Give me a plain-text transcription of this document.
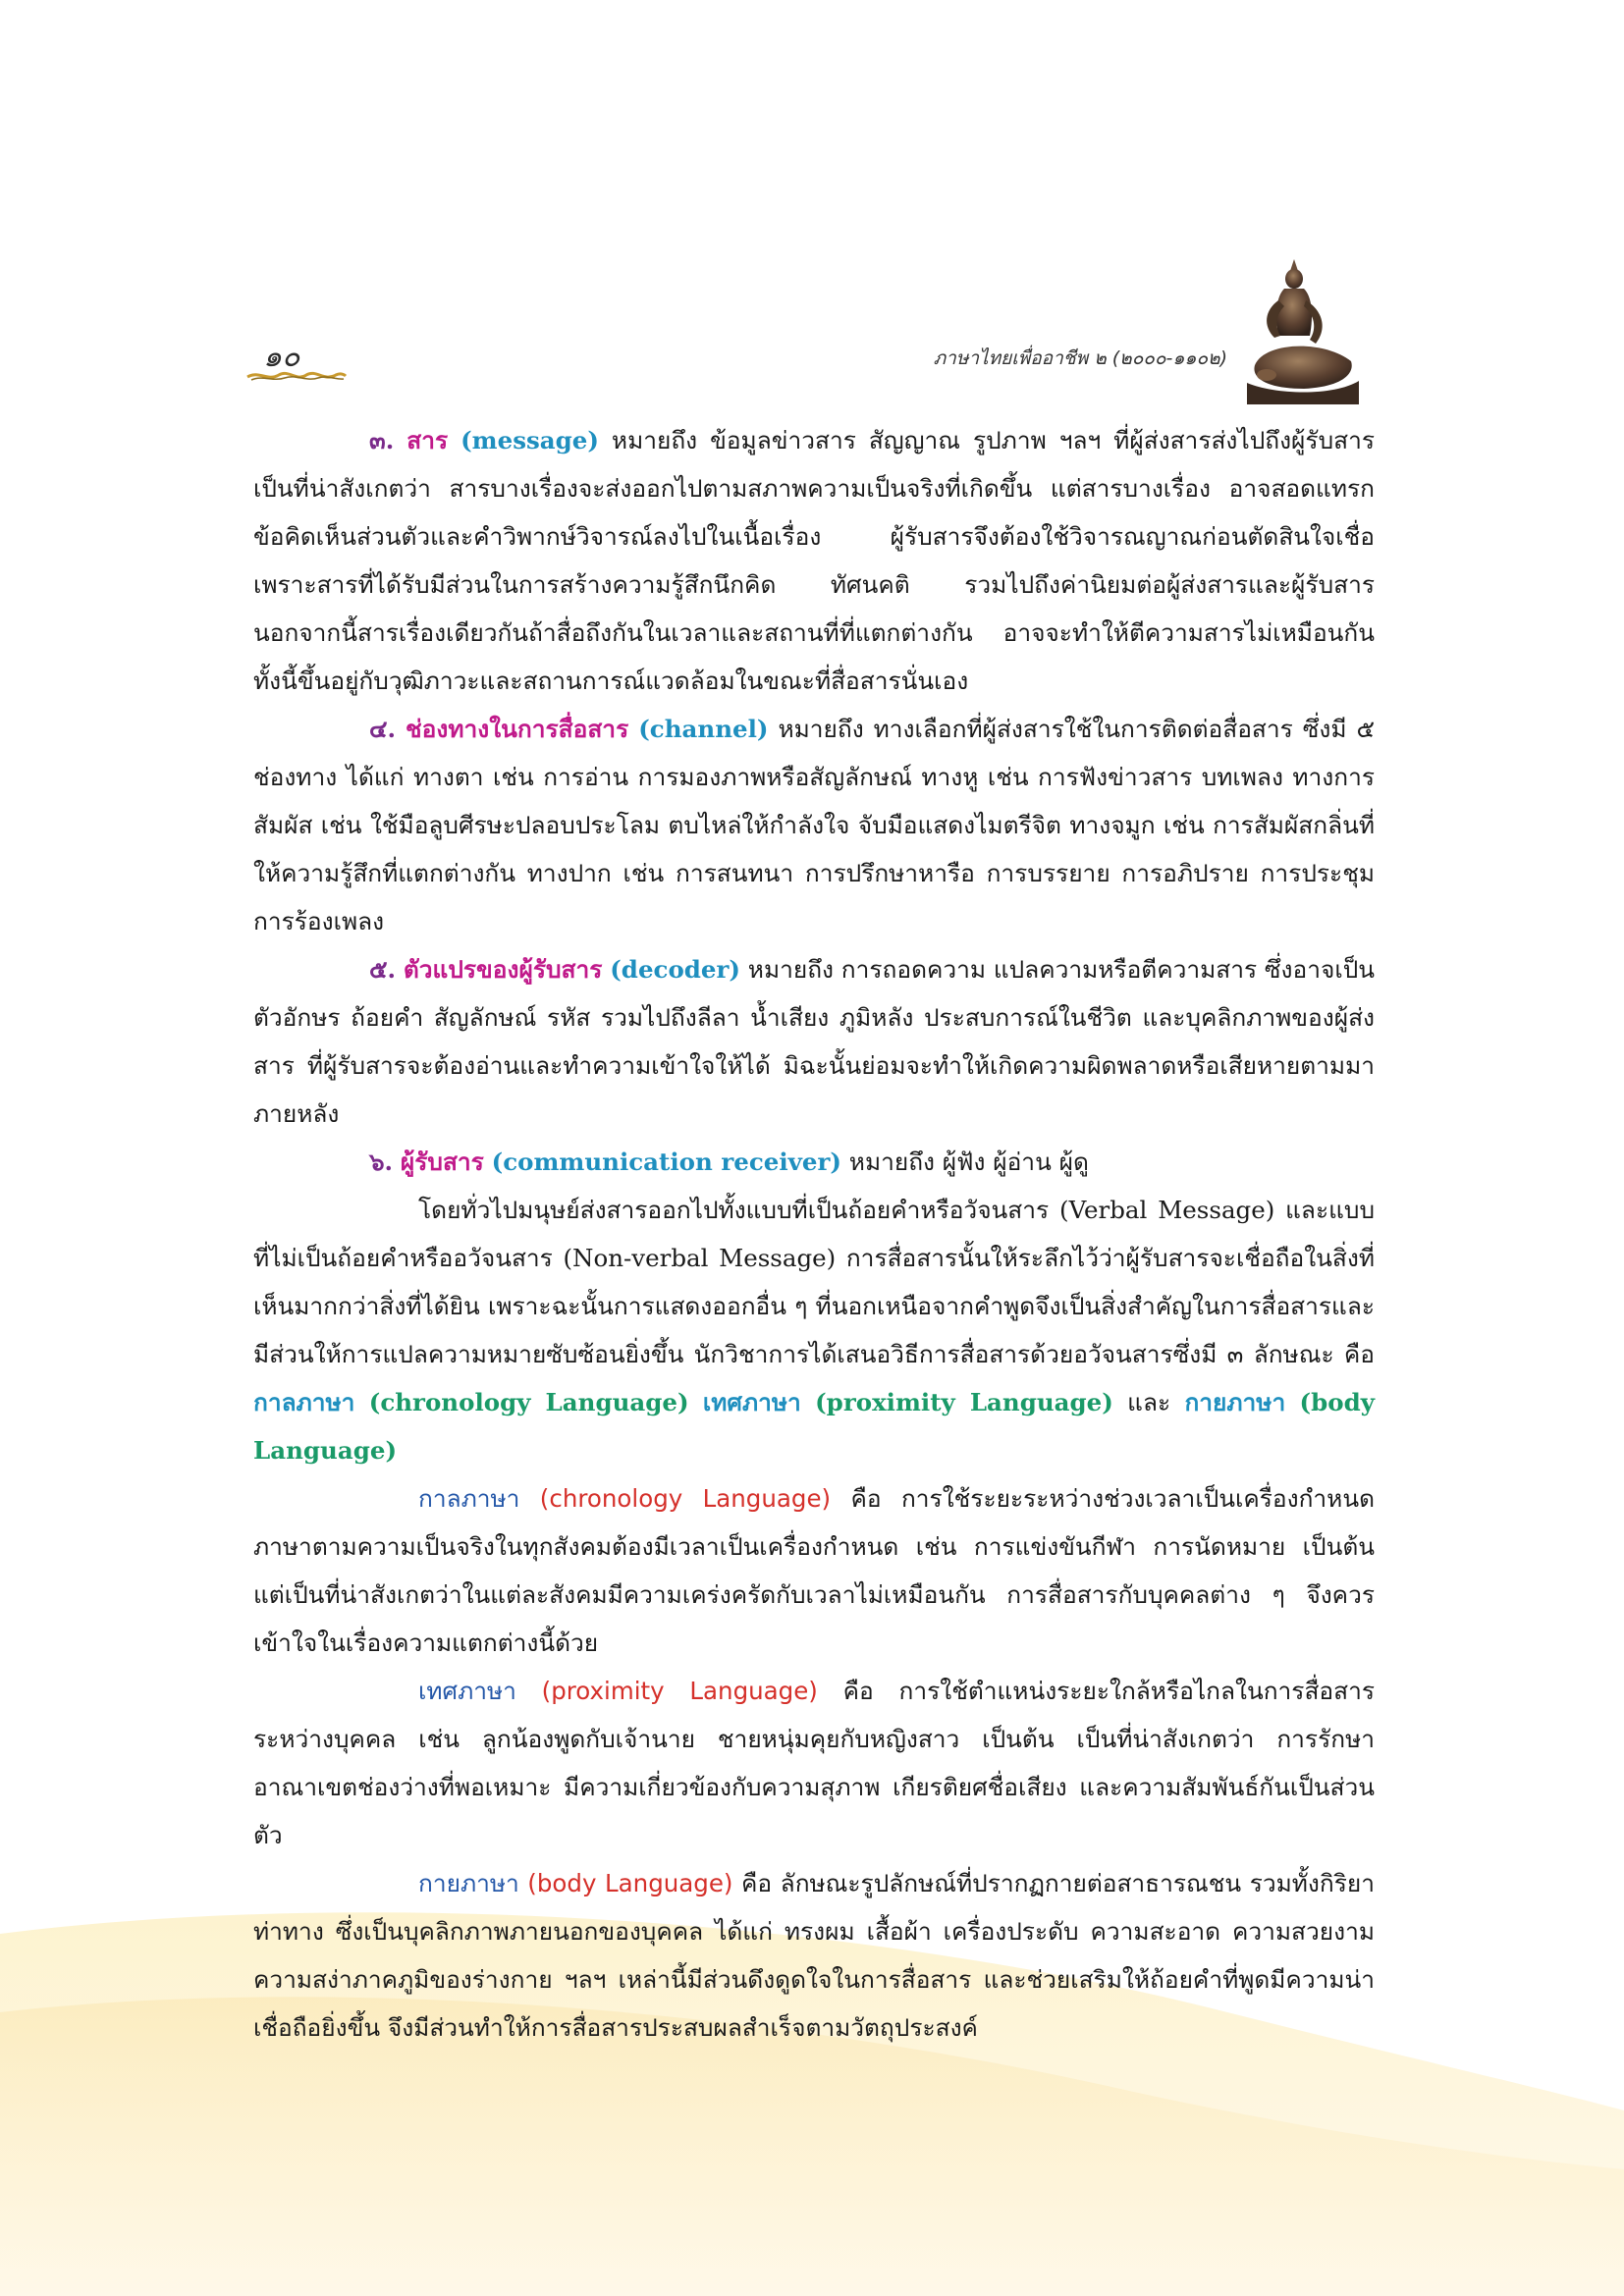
๑๐	ภาษาไทยเพื่ออาชีพ ๒ (๒๐๐๐-๑๑๐๒)

๓. สาร (message) หมายถึง ข้อมูลข่าวสาร สัญญาณ รูปภาพ ฯลฯ ที่ผู้ส่งสารส่งไปถึงผู้รับสาร เป็นที่น่าสังเกตว่า สารบางเรื่องจะส่งออกไปตามสภาพความเป็นจริงที่เกิดขึ้น แต่สารบางเรื่อง อาจสอดแทรกข้อคิดเห็นส่วนตัวและคำวิพากษ์วิจารณ์ลงไปในเนื้อเรื่อง ผู้รับสารจึงต้องใช้วิจารณญาณก่อนตัดสินใจเชื่อ เพราะสารที่ได้รับมีส่วนในการสร้างความรู้สึกนึกคิด ทัศนคติ รวมไปถึงค่านิยมต่อผู้ส่งสารและผู้รับสาร นอกจากนี้สารเรื่องเดียวกันถ้าสื่อถึงกันในเวลาและสถานที่ที่แตกต่างกัน อาจจะทำให้ตีความสารไม่เหมือนกัน ทั้งนี้ขึ้นอยู่กับวุฒิภาวะและสถานการณ์แวดล้อมในขณะที่สื่อสารนั่นเอง

๔. ช่องทางในการสื่อสาร (channel) หมายถึง ทางเลือกที่ผู้ส่งสารใช้ในการติดต่อสื่อสาร ซึ่งมี ๕ ช่องทาง ได้แก่ ทางตา เช่น การอ่าน การมองภาพหรือสัญลักษณ์ ทางหู เช่น การฟังข่าวสาร บทเพลง ทางการสัมผัส เช่น ใช้มือลูบศีรษะปลอบประโลม ตบไหล่ให้กำลังใจ จับมือแสดงไมตรีจิต ทางจมูก เช่น การสัมผัสกลิ่นที่ให้ความรู้สึกที่แตกต่างกัน ทางปาก เช่น การสนทนา การปรึกษาหารือ การบรรยาย การอภิปราย การประชุม การร้องเพลง

๕. ตัวแปรของผู้รับสาร (decoder) หมายถึง การถอดความ แปลความหรือตีความสาร ซึ่งอาจเป็นตัวอักษร ถ้อยคำ สัญลักษณ์ รหัส รวมไปถึงลีลา น้ำเสียง ภูมิหลัง ประสบการณ์ในชีวิต และบุคลิกภาพของผู้ส่งสาร ที่ผู้รับสารจะต้องอ่านและทำความเข้าใจให้ได้ มิฉะนั้นย่อมจะทำให้เกิดความผิดพลาดหรือเสียหายตามมาภายหลัง

๖. ผู้รับสาร (communication receiver) หมายถึง ผู้ฟัง ผู้อ่าน ผู้ดู

โดยทั่วไปมนุษย์ส่งสารออกไปทั้งแบบที่เป็นถ้อยคำหรือวัจนสาร (Verbal Message) และแบบที่ไม่เป็นถ้อยคำหรืออวัจนสาร (Non-verbal Message) การสื่อสารนั้นให้ระลึกไว้ว่าผู้รับสารจะเชื่อถือในสิ่งที่เห็นมากกว่าสิ่งที่ได้ยิน เพราะฉะนั้นการแสดงออกอื่น ๆ ที่นอกเหนือจากคำพูดจึงเป็นสิ่งสำคัญในการสื่อสารและมีส่วนให้การแปลความหมายซับซ้อนยิ่งขึ้น นักวิชาการได้เสนอวิธีการสื่อสารด้วยอวัจนสารซึ่งมี ๓ ลักษณะ คือ กาลภาษา (chronology Language) เทศภาษา (proximity Language) และ กายภาษา (body Language)

กาลภาษา (chronology Language) คือ การใช้ระยะระหว่างช่วงเวลาเป็นเครื่องกำหนดภาษาตามความเป็นจริงในทุกสังคมต้องมีเวลาเป็นเครื่องกำหนด เช่น การแข่งขันกีฬา การนัดหมาย เป็นต้น แต่เป็นที่น่าสังเกตว่าในแต่ละสังคมมีความเคร่งครัดกับเวลาไม่เหมือนกัน การสื่อสารกับบุคคลต่าง ๆ จึงควรเข้าใจในเรื่องความแตกต่างนี้ด้วย

เทศภาษา (proximity Language) คือ การใช้ตำแหน่งระยะใกล้หรือไกลในการสื่อสารระหว่างบุคคล เช่น ลูกน้องพูดกับเจ้านาย ชายหนุ่มคุยกับหญิงสาว เป็นต้น เป็นที่น่าสังเกตว่า การรักษาอาณาเขตช่องว่างที่พอเหมาะ มีความเกี่ยวข้องกับความสุภาพ เกียรติยศชื่อเสียง และความสัมพันธ์กันเป็นส่วนตัว

กายภาษา (body Language) คือ ลักษณะรูปลักษณ์ที่ปรากฏกายต่อสาธารณชน รวมทั้งกิริยาท่าทาง ซึ่งเป็นบุคลิกภาพภายนอกของบุคคล ได้แก่ ทรงผม เสื้อผ้า เครื่องประดับ ความสะอาด ความสวยงาม ความสง่าภาคภูมิของร่างกาย ฯลฯ เหล่านี้มีส่วนดึงดูดใจในการสื่อสาร และช่วยเสริมให้ถ้อยคำที่พูดมีความน่าเชื่อถือยิ่งขึ้น จึงมีส่วนทำให้การสื่อสารประสบผลสำเร็จตามวัตถุประสงค์
